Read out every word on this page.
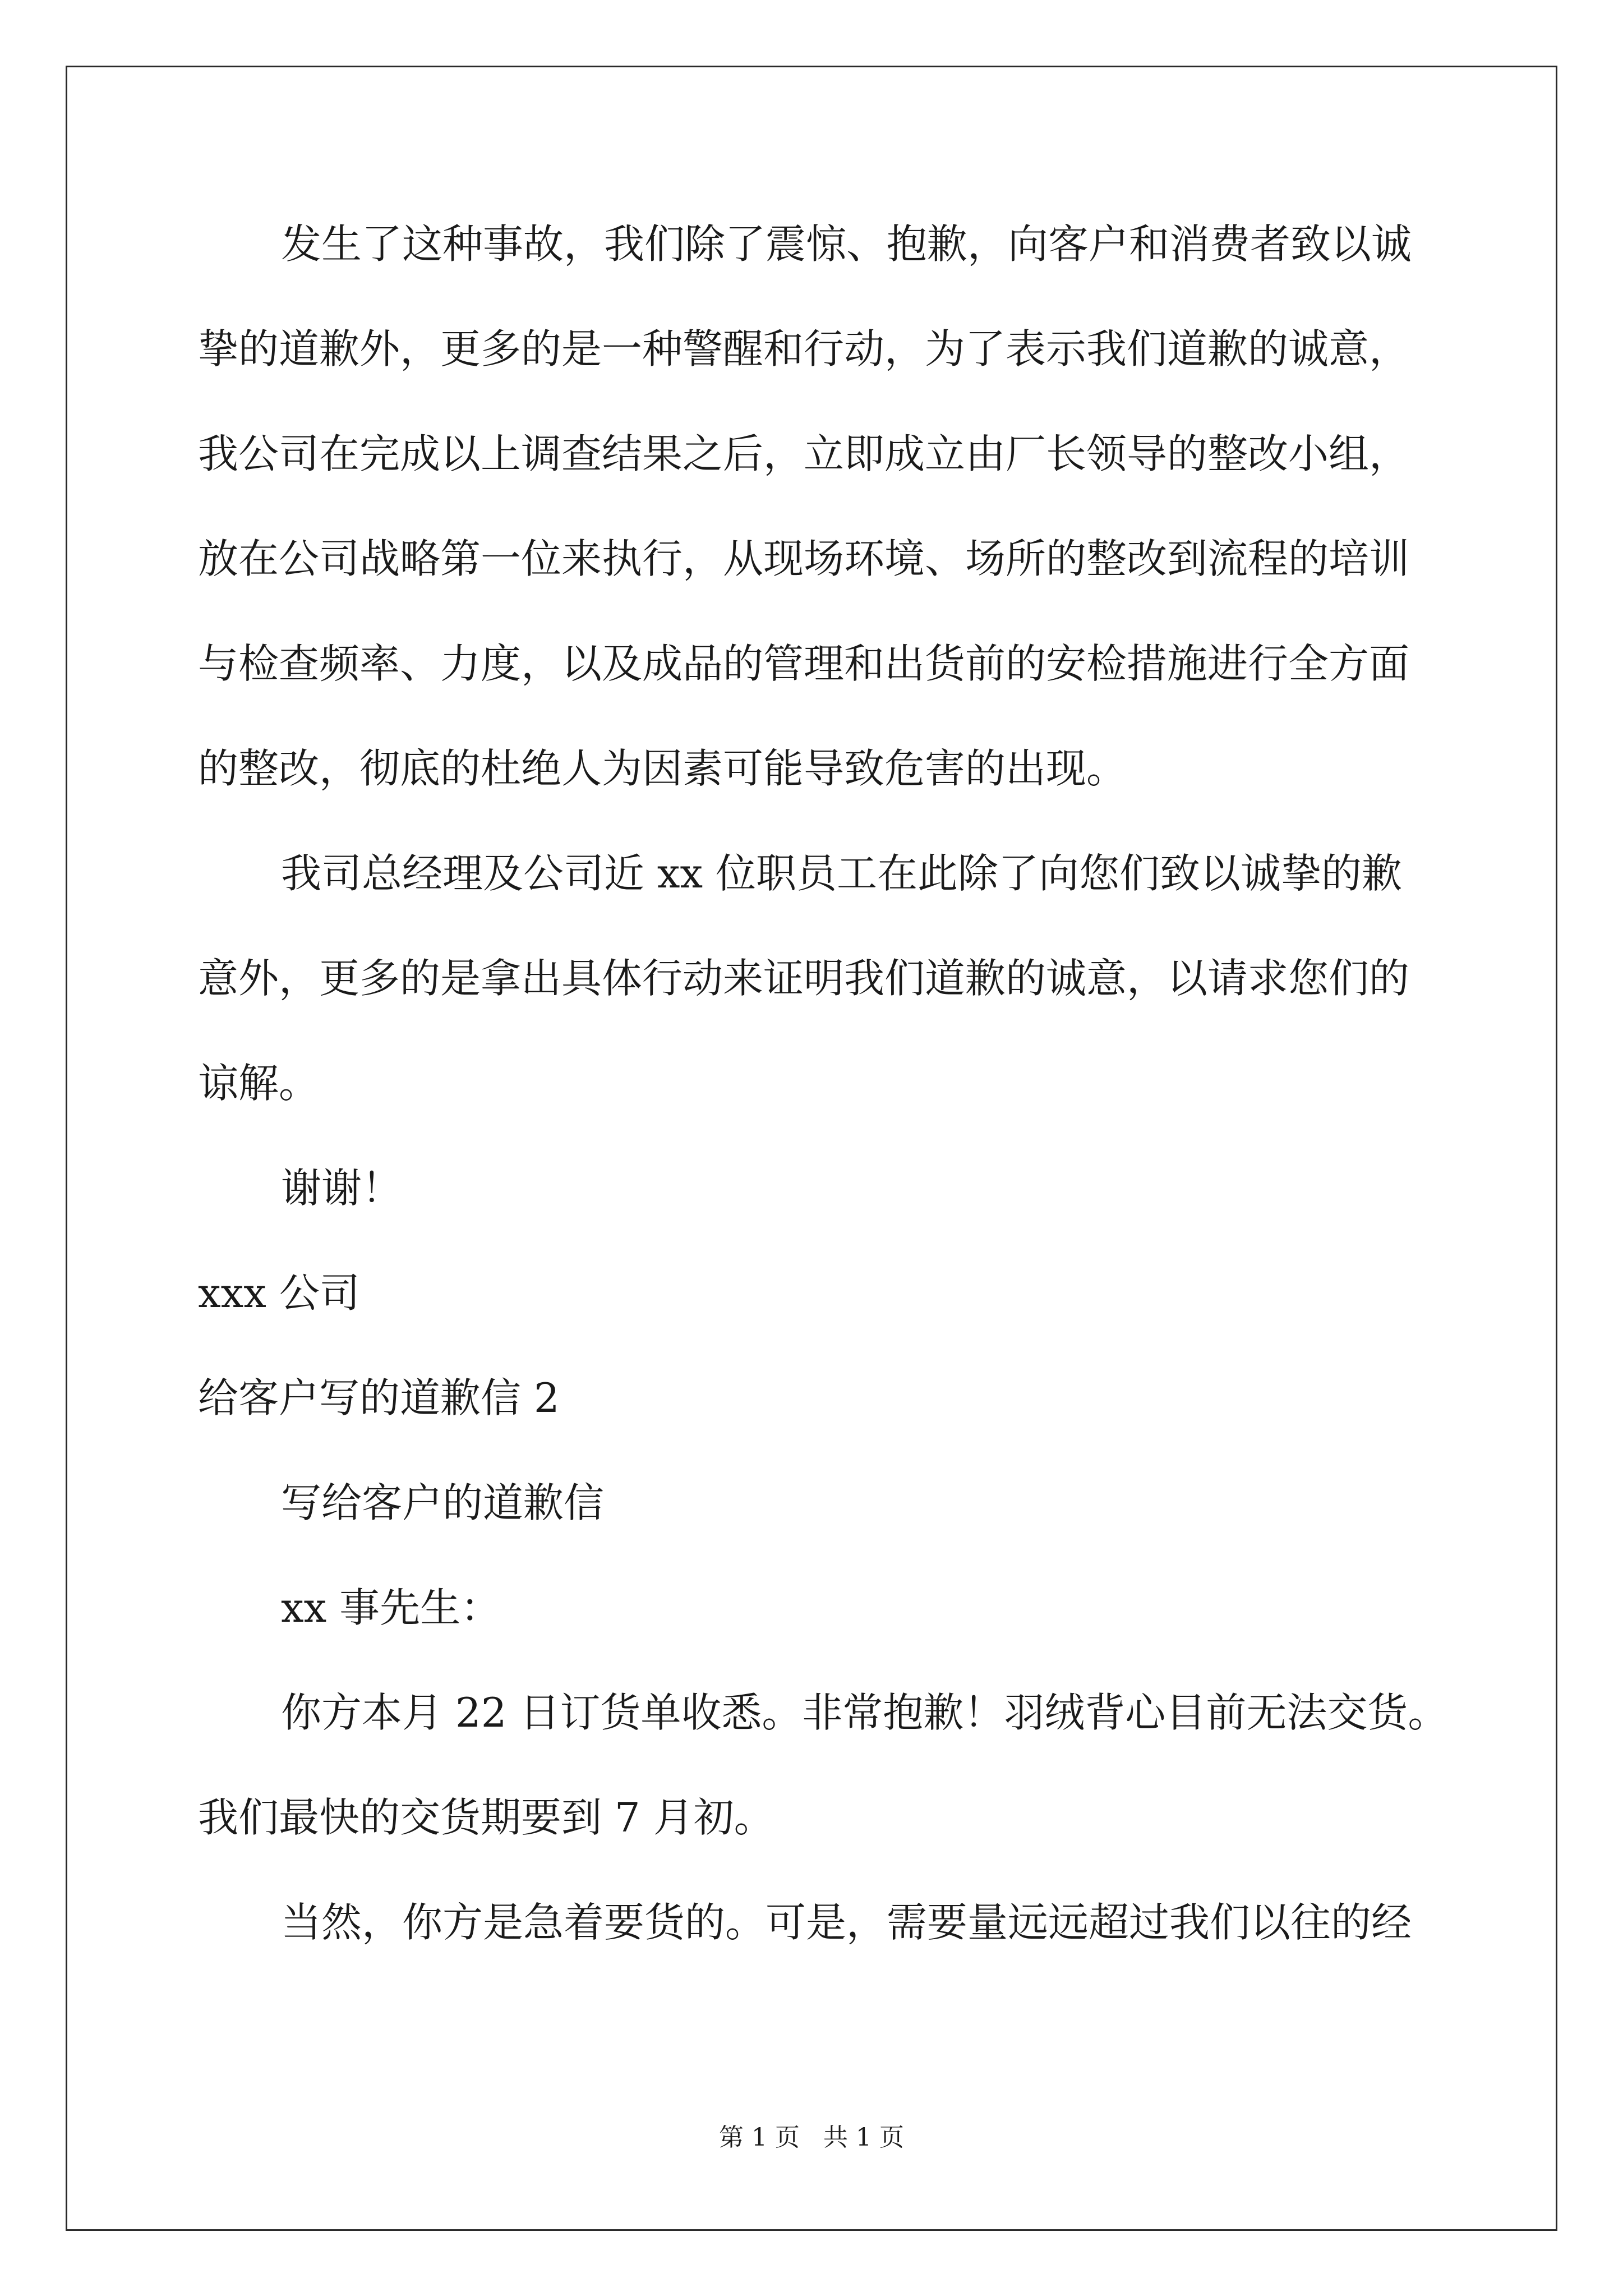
发生了这种事故，我们除了震惊、抱歉，向客户和消费者致以诚
挚的道歉外，更多的是一种警醒和行动，为了表示我们道歉的诚意，
我公司在完成以上调查结果之后，立即成立由厂长领导的整改小组，
放在公司战略第一位来执行，从现场环境、场所的整改到流程的培训
与检查频率、力度，以及成品的管理和出货前的安检措施进行全方面
的整改，彻底的杜绝人为因素可能导致危害的出现。
我司总经理及公司近 xx 位职员工在此除了向您们致以诚挚的歉
意外，更多的是拿出具体行动来证明我们道歉的诚意，以请求您们的
谅解。
谢谢！
xxx 公司
给客户写的道歉信 2
写给客户的道歉信
xx 事先生：
你方本月 22 日订货单收悉。非常抱歉！羽绒背心目前无法交货。
我们最快的交货期要到 7 月初。
当然，你方是急着要货的。可是，需要量远远超过我们以往的经
第 1 页 共 1 页
